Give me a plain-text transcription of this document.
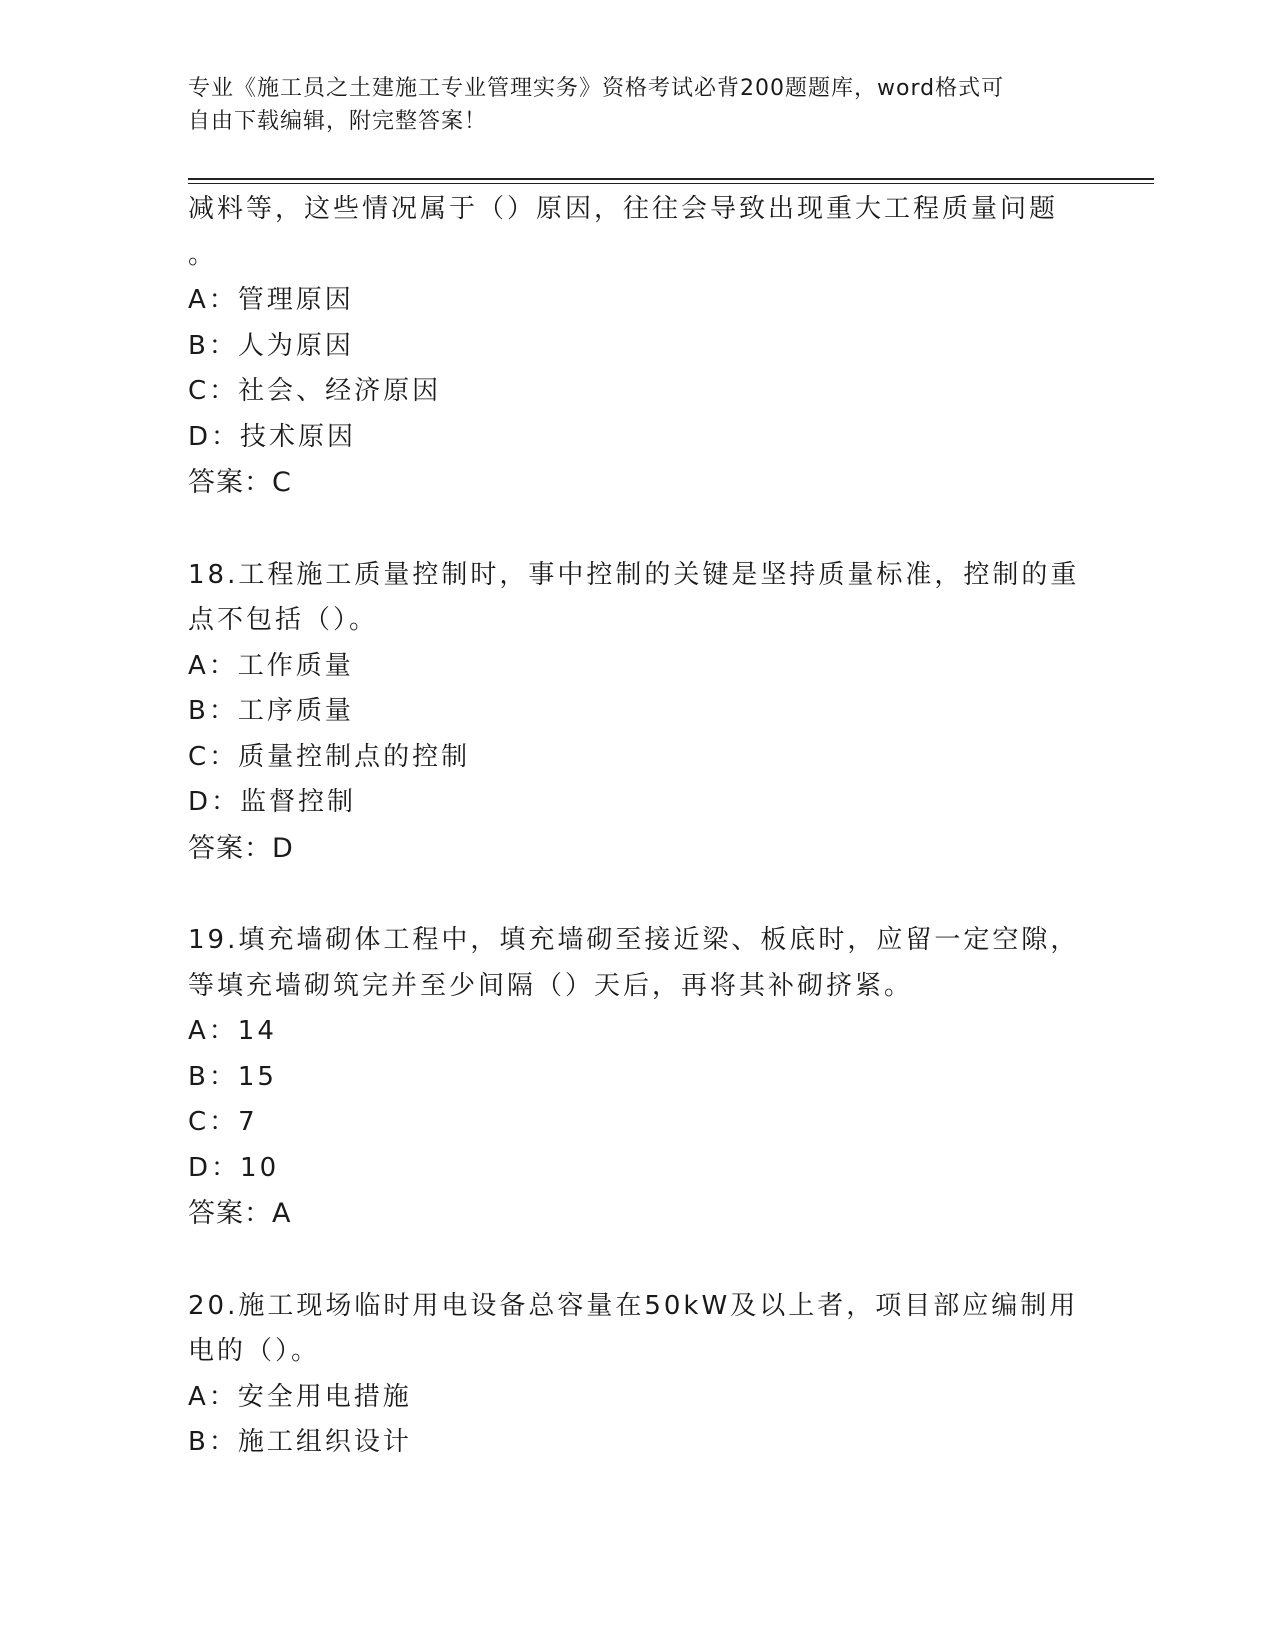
专业《施工员之土建施工专业管理实务》资格考试必背200题题库，word格式可
自由下载编辑，附完整答案！
减料等，这些情况属于（）原因，往往会导致出现重大工程质量问题
。
A：管理原因
B：人为原因
C：社会、经济原因
D：技术原因
答案：C
18.工程施工质量控制时，事中控制的关键是坚持质量标准，控制的重
点不包括（）。
A：工作质量
B：工序质量
C：质量控制点的控制
D：监督控制
答案：D
19.填充墙砌体工程中，填充墙砌至接近梁、板底时，应留一定空隙，
等填充墙砌筑完并至少间隔（）天后，再将其补砌挤紧。
A：14
B：15
C：7
D：10
答案：A
20.施工现场临时用电设备总容量在50kW及以上者，项目部应编制用
电的（）。
A：安全用电措施
B：施工组织设计
